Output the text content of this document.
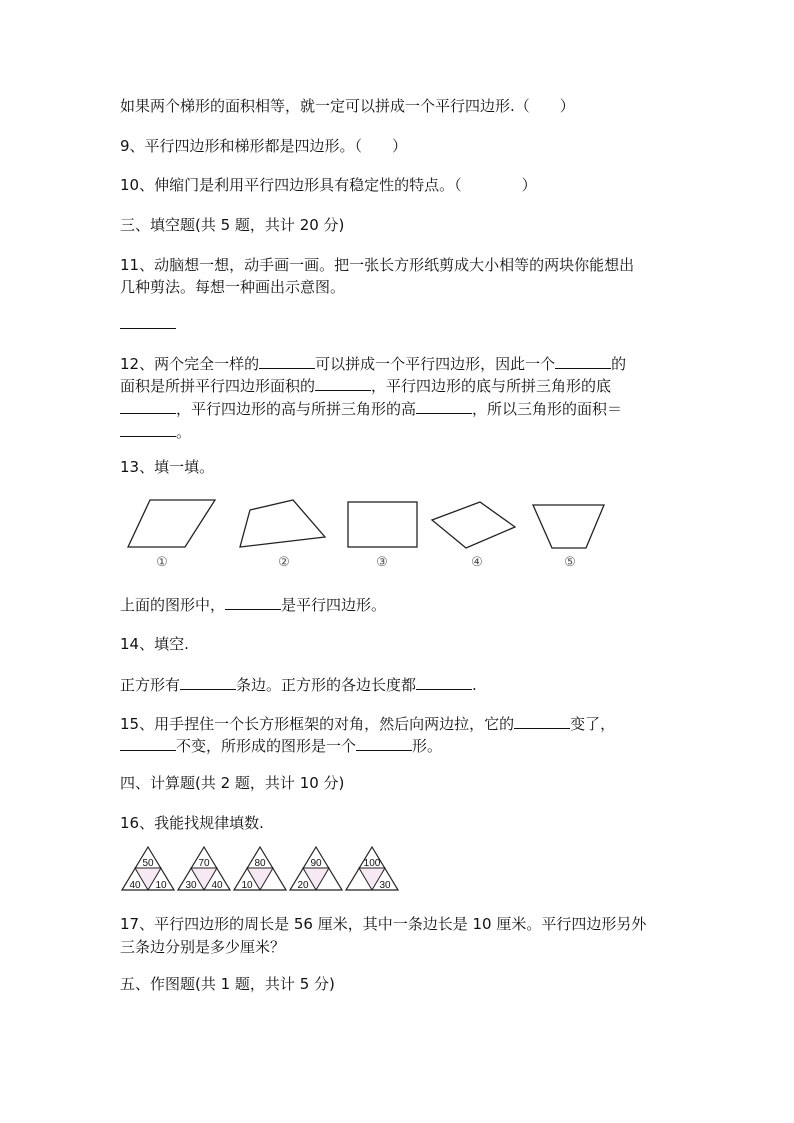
如果两个梯形的面积相等，就一定可以拼成一个平行四边形.（　　）
9、平行四边形和梯形都是四边形。（　　）
10、伸缩门是利用平行四边形具有稳定性的特点。（　　　　）
三、填空题(共 5 题，共计 20 分)
11、动脑想一想，动手画一画。把一张长方形纸剪成大小相等的两块你能想出
几种剪法。每想一种画出示意图。
12、两个完全一样的	可以拼成一个平行四边形，因此一个	的
面积是所拼平行四边形面积的	，平行四边形的底与所拼三角形的底
，平行四边形的高与所拼三角形的高	，所以三角形的面积＝
。
13、填一填。
①	②	③	④	⑤
上面的图形中，	是平行四边形。
14、填空.
正方形有	条边。正方形的各边长度都	.
15、用手捏住一个长方形框架的对角，然后向两边拉，它的	变了，
不变，所形成的图形是一个	形。
四、计算题(共 2 题，共计 10 分)
16、我能找规律填数.
50
40 10
70
30 40
80
10
90
20
100
30
17、平行四边形的周长是 56 厘米，其中一条边长是 10 厘米。平行四边形另外
三条边分别是多少厘米？
五、作图题(共 1 题，共计 5 分)
